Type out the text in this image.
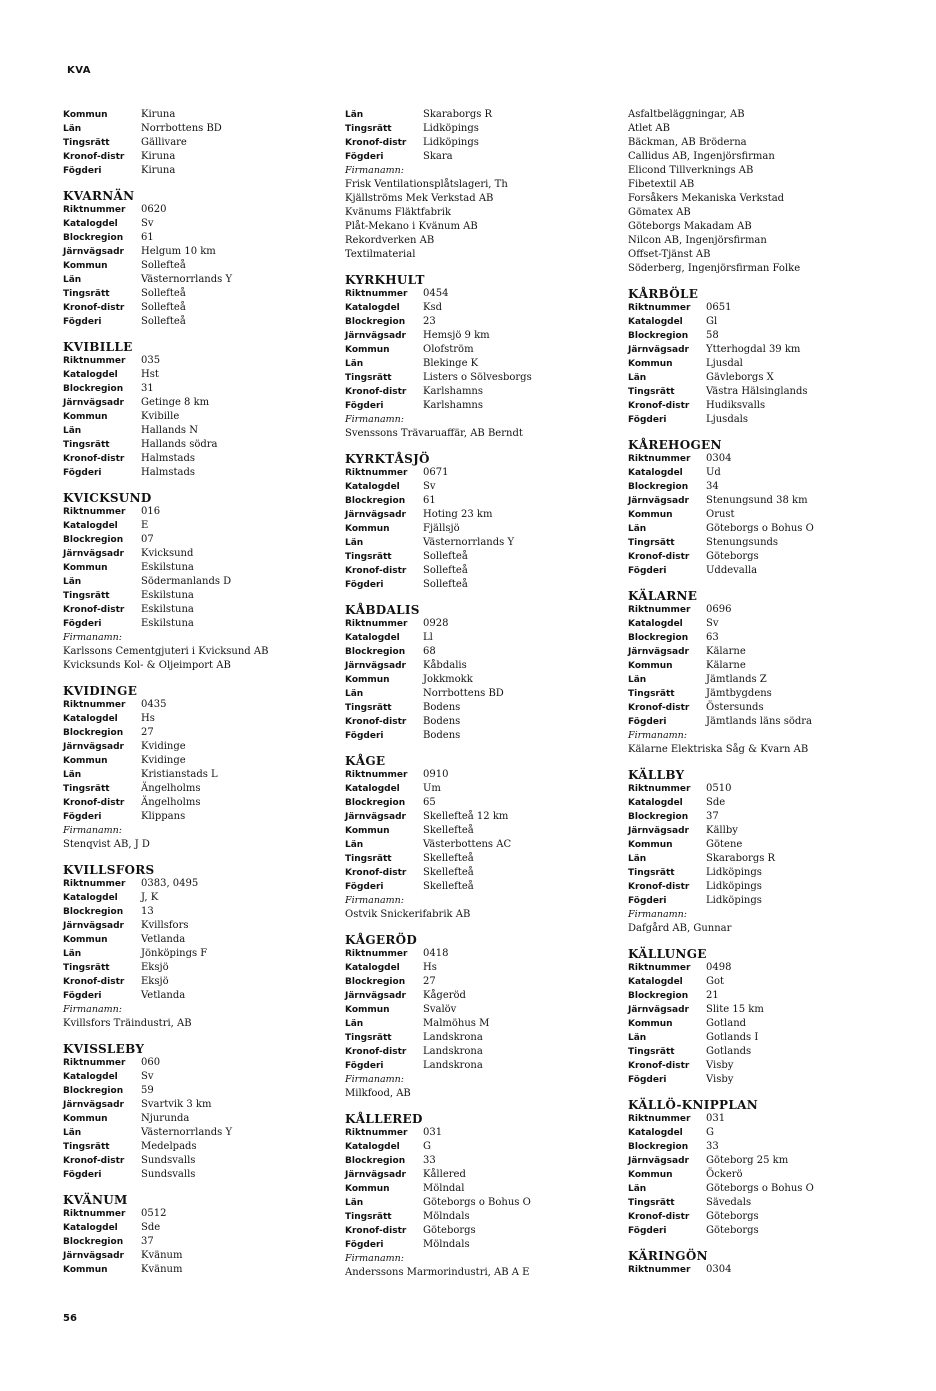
KVA
Kommun	Kiruna
Län	Norrbottens BD
Tingsrätt	Gällivare
Kronof-distr	Kiruna
Fögderi	Kiruna
KVARNÄN
Riktnummer	0620
Katalogdel	Sv
Blockregion	61
Järnvägsadr	Helgum 10 km
Kommun	Sollefteå
Län	Västernorrlands Y
Tingsrätt	Sollefteå
Kronof-distr	Sollefteå
Fögderi	Sollefteå
KVIBILLE
Riktnummer	035
Katalogdel	Hst
Blockregion	31
Järnvägsadr	Getinge 8 km
Kommun	Kvibille
Län	Hallands N
Tingsrätt	Hallands södra
Kronof-distr	Halmstads
Fögderi	Halmstads
KVICKSUND
Riktnummer	016
Katalogdel	E
Blockregion	07
Järnvägsadr	Kvicksund
Kommun	Eskilstuna
Län	Södermanlands D
Tingsrätt	Eskilstuna
Kronof-distr	Eskilstuna
Fögderi	Eskilstuna
Firmanamn:
Karlssons Cementgjuteri i Kvicksund AB
Kvicksunds Kol- & Oljeimport AB
KVIDINGE
Riktnummer	0435
Katalogdel	Hs
Blockregion	27
Järnvägsadr	Kvidinge
Kommun	Kvidinge
Län	Kristianstads L
Tingsrätt	Ängelholms
Kronof-distr	Ängelholms
Fögderi	Klippans
Firmanamn:
Stenqvist AB, J D
KVILLSFORS
Riktnummer	0383, 0495
Katalogdel	J, K
Blockregion	13
Järnvägsadr	Kvillsfors
Kommun	Vetlanda
Län	Jönköpings F
Tingsrätt	Eksjö
Kronof-distr	Eksjö
Fögderi	Vetlanda
Firmanamn:
Kvillsfors Träindustri, AB
KVISSLEBY
Riktnummer	060
Katalogdel	Sv
Blockregion	59
Järnvägsadr	Svartvik 3 km
Kommun	Njurunda
Län	Västernorrlands Y
Tingsrätt	Medelpads
Kronof-distr	Sundsvalls
Fögderi	Sundsvalls
KVÄNUM
Riktnummer	0512
Katalogdel	Sde
Blockregion	37
Järnvägsadr	Kvänum
Kommun	Kvänum
Län	Skaraborgs R
Tingsrätt	Lidköpings
Kronof-distr	Lidköpings
Fögderi	Skara
Firmanamn:
Frisk Ventilationsplåtslageri, Th
Kjällströms Mek Verkstad AB
Kvänums Fläktfabrik
Plåt-Mekano i Kvänum AB
Rekordverken AB
Textilmaterial
KYRKHULT
Riktnummer	0454
Katalogdel	Ksd
Blockregion	23
Järnvägsadr	Hemsjö 9 km
Kommun	Olofström
Län	Blekinge K
Tingsrätt	Listers o Sölvesborgs
Kronof-distr	Karlshamns
Fögderi	Karlshamns
Firmanamn:
Svenssons Trävaruaffär, AB Berndt
KYRKTÅSJÖ
Riktnummer	0671
Katalogdel	Sv
Blockregion	61
Järnvägsadr	Hoting 23 km
Kommun	Fjällsjö
Län	Västernorrlands Y
Tingsrätt	Sollefteå
Kronof-distr	Sollefteå
Fögderi	Sollefteå
KÅBDALIS
Riktnummer	0928
Katalogdel	Ll
Blockregion	68
Järnvägsadr	Kåbdalis
Kommun	Jokkmokk
Län	Norrbottens BD
Tingsrätt	Bodens
Kronof-distr	Bodens
Fögderi	Bodens
KÅGE
Riktnummer	0910
Katalogdel	Um
Blockregion	65
Järnvägsadr	Skellefteå 12 km
Kommun	Skellefteå
Län	Västerbottens AC
Tingsrätt	Skellefteå
Kronof-distr	Skellefteå
Fögderi	Skellefteå
Firmanamn:
Ostvik Snickerifabrik AB
KÅGERÖD
Riktnummer	0418
Katalogdel	Hs
Blockregion	27
Järnvägsadr	Kågeröd
Kommun	Svalöv
Län	Malmöhus M
Tingsrätt	Landskrona
Kronof-distr	Landskrona
Fögderi	Landskrona
Firmanamn:
Milkfood, AB
KÅLLERED
Riktnummer	031
Katalogdel	G
Blockregion	33
Järnvägsadr	Kållered
Kommun	Mölndal
Län	Göteborgs o Bohus O
Tingsrätt	Mölndals
Kronof-distr	Göteborgs
Fögderi	Mölndals
Firmanamn:
Anderssons Marmorindustri, AB A E
Asfaltbeläggningar, AB
Atlet AB
Bäckman, AB Bröderna
Callidus AB, Ingenjörsfirman
Elicond Tillverknings AB
Fibetextil AB
Forsåkers Mekaniska Verkstad
Gömatex AB
Göteborgs Makadam AB
Nilcon AB, Ingenjörsfirman
Offset-Tjänst AB
Söderberg, Ingenjörsfirman Folke
KÅRBÖLE
Riktnummer	0651
Katalogdel	Gl
Blockregion	58
Järnvägsadr	Ytterhogdal 39 km
Kommun	Ljusdal
Län	Gävleborgs X
Tingsrätt	Västra Hälsinglands
Kronof-distr	Hudiksvalls
Fögderi	Ljusdals
KÅREHOGEN
Riktnummer	0304
Katalogdel	Ud
Blockregion	34
Järnvägsadr	Stenungsund 38 km
Kommun	Orust
Län	Göteborgs o Bohus O
Tingrsätt	Stenungsunds
Kronof-distr	Göteborgs
Fögderi	Uddevalla
KÄLARNE
Riktnummer	0696
Katalogdel	Sv
Blockregion	63
Järnvägsadr	Kälarne
Kommun	Kälarne
Län	Jämtlands Z
Tingsrätt	Jämtbygdens
Kronof-distr	Östersunds
Fögderi	Jämtlands läns södra
Firmanamn:
Kälarne Elektriska Såg & Kvarn AB
KÄLLBY
Riktnummer	0510
Katalogdel	Sde
Blockregion	37
Järnvägsadr	Källby
Kommun	Götene
Län	Skaraborgs R
Tingsrätt	Lidköpings
Kronof-distr	Lidköpings
Fögderi	Lidköpings
Firmanamn:
Dafgård AB, Gunnar
KÄLLUNGE
Riktnummer	0498
Katalogdel	Got
Blockregion	21
Järnvägsadr	Slite 15 km
Kommun	Gotland
Län	Gotlands I
Tingsrätt	Gotlands
Kronof-distr	Visby
Fögderi	Visby
KÄLLÖ-KNIPPLAN
Riktnummer	031
Katalogdel	G
Blockregion	33
Järnvägsadr	Göteborg 25 km
Kommun	Öckerö
Län	Göteborgs o Bohus O
Tingsrätt	Sävedals
Kronof-distr	Göteborgs
Fögderi	Göteborgs
KÄRINGÖN
Riktnummer	0304
56
